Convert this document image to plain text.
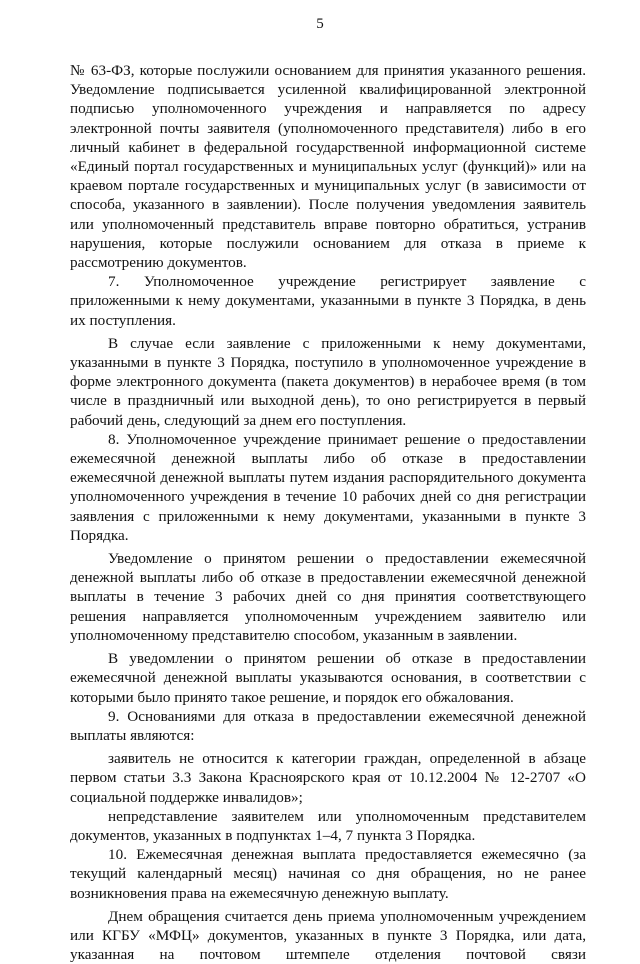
5

№ 63-ФЗ, которые послужили основанием для принятия указанного решения. Уведомление подписывается усиленной квалифицированной электронной подписью уполномоченного учреждения и направляется по адресу электронной почты заявителя (уполномоченного представителя) либо в его личный кабинет в федеральной государственной информационной системе «Единый портал государственных и муниципальных услуг (функций)» или на краевом портале государственных и муниципальных услуг (в зависимости от способа, указанного в заявлении). После получения уведомления заявитель или уполномоченный представитель вправе повторно обратиться, устранив нарушения, которые послужили основанием для отказа в приеме к рассмотрению документов.

7. Уполномоченное учреждение регистрирует заявление с приложенными к нему документами, указанными в пункте 3 Порядка, в день их поступления.

В случае если заявление с приложенными к нему документами, указанными в пункте 3 Порядка, поступило в уполномоченное учреждение в форме электронного документа (пакета документов) в нерабочее время (в том числе в праздничный или выходной день), то оно регистрируется в первый рабочий день, следующий за днем его поступления.

8. Уполномоченное учреждение принимает решение о предоставлении ежемесячной денежной выплаты либо об отказе в предоставлении ежемесячной денежной выплаты путем издания распорядительного документа уполномоченного учреждения в течение 10 рабочих дней со дня регистрации заявления с приложенными к нему документами, указанными в пункте 3 Порядка.

Уведомление о принятом решении о предоставлении ежемесячной денежной выплаты либо об отказе в предоставлении ежемесячной денежной выплаты в течение 3 рабочих дней со дня принятия соответствующего решения направляется уполномоченным учреждением заявителю или уполномоченному представителю способом, указанным в заявлении.

В уведомлении о принятом решении об отказе в предоставлении ежемесячной денежной выплаты указываются основания, в соответствии с которыми было принято такое решение, и порядок его обжалования.

9. Основаниями для отказа в предоставлении ежемесячной денежной выплаты являются:

заявитель не относится к категории граждан, определенной в абзаце первом статьи 3.3 Закона Красноярского края от 10.12.2004 № 12-2707 «О социальной поддержке инвалидов»;

непредставление заявителем или уполномоченным представителем документов, указанных в подпунктах 1–4, 7 пункта 3 Порядка.

10. Ежемесячная денежная выплата предоставляется ежемесячно (за текущий календарный месяц) начиная со дня обращения, но не ранее возникновения права на ежемесячную денежную выплату.

Днем обращения считается день приема уполномоченным учреждением или КГБУ «МФЦ» документов, указанных в пункте 3 Порядка, или дата, указанная на почтовом штемпеле отделения почтовой связи
